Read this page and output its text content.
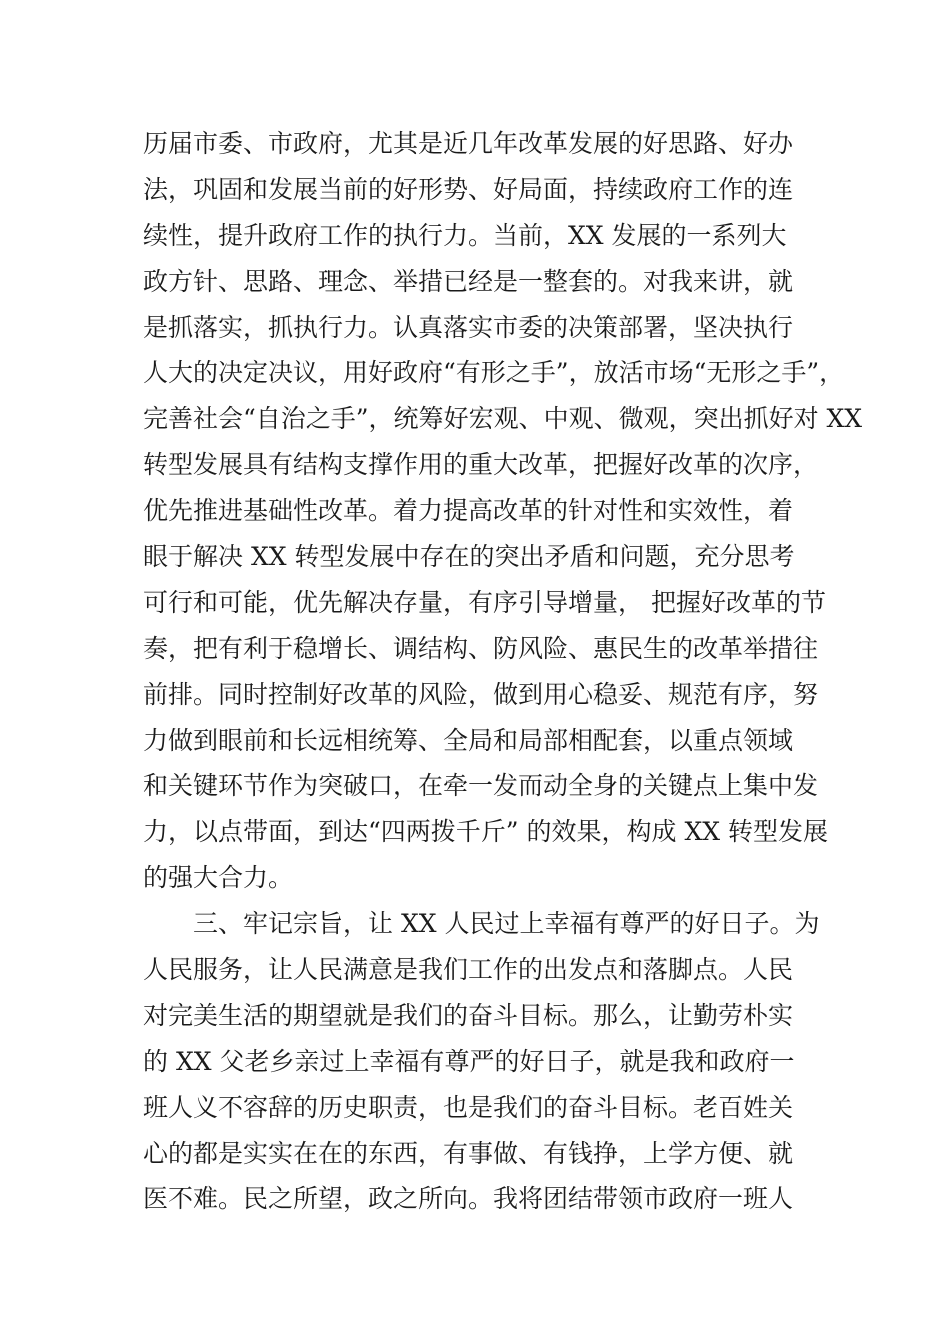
历届市委、市政府，尤其是近几年改革发展的好思路、好办
法，巩固和发展当前的好形势、好局面，持续政府工作的连
续性，提升政府工作的执行力。当前，XX 发展的一系列大
政方针、思路、理念、举措已经是一整套的。对我来讲，就
是抓落实，抓执行力。认真落实市委的决策部署，坚决执行
人大的决定决议，用好政府“有形之手”，放活市场“无形之手”，
完善社会“自治之手”，统筹好宏观、中观、微观，突出抓好对 XX
转型发展具有结构支撑作用的重大改革，把握好改革的次序，
优先推进基础性改革。着力提高改革的针对性和实效性，着
眼于解决 XX 转型发展中存在的突出矛盾和问题，充分思考
可行和可能，优先解决存量，有序引导增量， 把握好改革的节
奏，把有利于稳增长、调结构、防风险、惠民生的改革举措往
前排。同时控制好改革的风险，做到用心稳妥、规范有序，努
力做到眼前和长远相统筹、全局和局部相配套，以重点领域
和关键环节作为突破口，在牵一发而动全身的关键点上集中发
力，以点带面，到达“四两拨千斤” 的效果，构成 XX 转型发展
的强大合力。
三、牢记宗旨，让 XX 人民过上幸福有尊严的好日子。为
人民服务，让人民满意是我们工作的出发点和落脚点。人民
对完美生活的期望就是我们的奋斗目标。那么，让勤劳朴实
的 XX 父老乡亲过上幸福有尊严的好日子，就是我和政府一
班人义不容辞的历史职责，也是我们的奋斗目标。老百姓关
心的都是实实在在的东西，有事做、有钱挣，上学方便、就
医不难。民之所望，政之所向。我将团结带领市政府一班人
